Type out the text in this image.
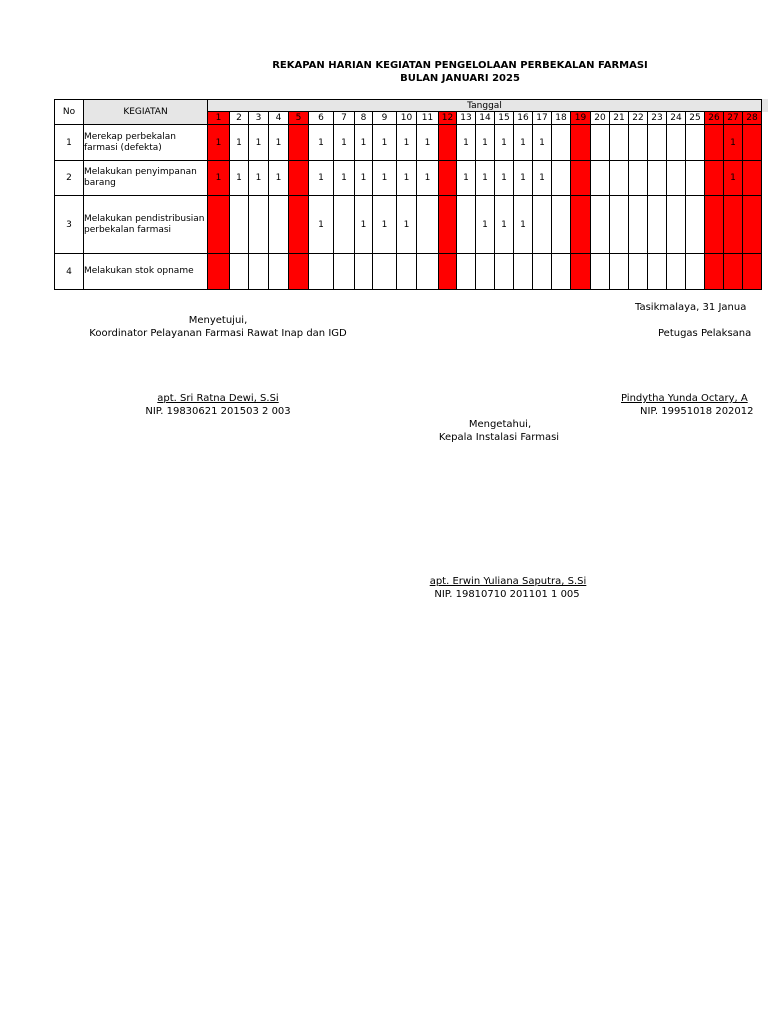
REKAPAN HARIAN KEGIATAN PENGELOLAAN PERBEKALAN FARMASI
BULAN JANUARI 2025
No	KEGIATAN	Tanggal																											
		1	2	3	4	5	6	7	8	9	10	11	12	13	14	15	16	17	18	19	20	21	22	23	24	25	26	27	28
1	Merekap perbekalan farmasi (defekta)	1	1	1	1		1	1	1	1	1	1		1	1	1	1	1										1	
2	Melakukan penyimpanan barang	1	1	1	1		1	1	1	1	1	1		1	1	1	1	1										1	
3	Melakukan pendistribusian perbekalan farmasi						1		1	1	1				1	1	1												
4	Melakukan stok opname																												
Tasikmalaya, 31 Janua
Menyetujui,
Koordinator Pelayanan Farmasi Rawat Inap dan IGD
apt. Sri Ratna Dewi, S.Si
NIP. 19830621 201503 2 003
Petugas Pelaksana
Pindytha Yunda Octary, A
NIP. 19951018 202012
Mengetahui,
Kepala Instalasi Farmasi
apt. Erwin Yuliana Saputra, S.Si
NIP. 19810710 201101 1 005
